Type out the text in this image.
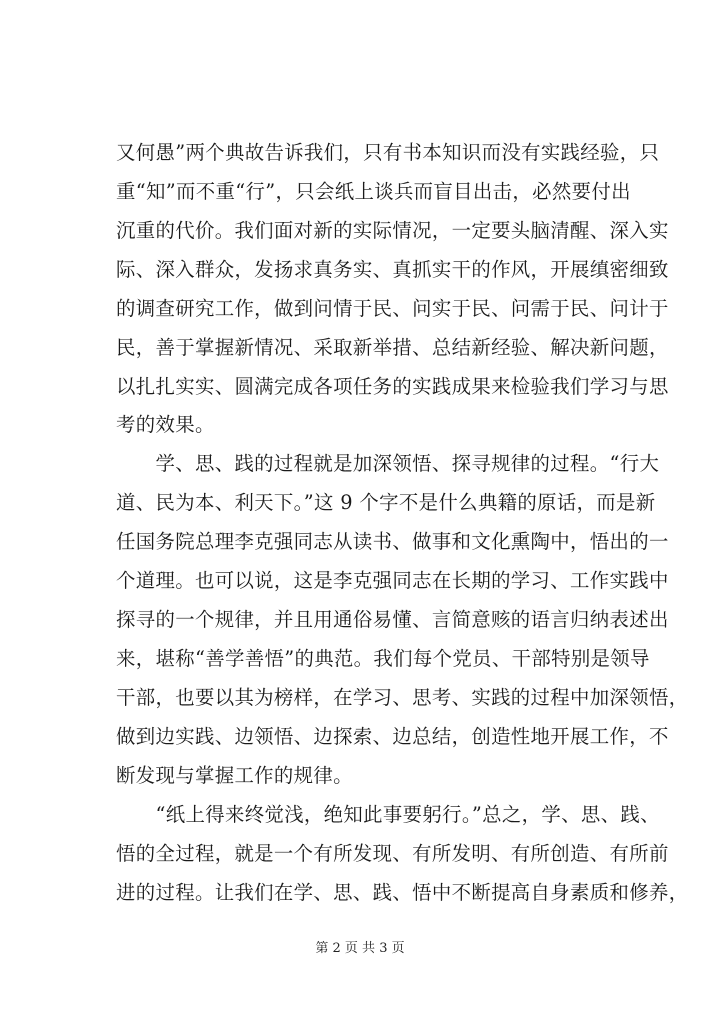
又何愚”两个典故告诉我们，只有书本知识而没有实践经验，只
重“知”而不重“行”，只会纸上谈兵而盲目出击，必然要付出
沉重的代价。我们面对新的实际情况，一定要头脑清醒、深入实
际、深入群众，发扬求真务实、真抓实干的作风，开展缜密细致
的调查研究工作，做到问情于民、问实于民、问需于民、问计于
民，善于掌握新情况、采取新举措、总结新经验、解决新问题，
以扎扎实实、圆满完成各项任务的实践成果来检验我们学习与思
考的效果。
　　学、思、践的过程就是加深领悟、探寻规律的过程。“行大
道、民为本、利天下。”这 9 个字不是什么典籍的原话，而是新
任国务院总理李克强同志从读书、做事和文化熏陶中，悟出的一
个道理。也可以说，这是李克强同志在长期的学习、工作实践中
探寻的一个规律，并且用通俗易懂、言简意赅的语言归纳表述出
来，堪称“善学善悟”的典范。我们每个党员、干部特别是领导
干部，也要以其为榜样，在学习、思考、实践的过程中加深领悟，
做到边实践、边领悟、边探索、边总结，创造性地开展工作，不
断发现与掌握工作的规律。
　　“纸上得来终觉浅，绝知此事要躬行。”总之，学、思、践、
悟的全过程，就是一个有所发现、有所发明、有所创造、有所前
进的过程。让我们在学、思、践、悟中不断提高自身素质和修养，
第 2 页 共 3 页
